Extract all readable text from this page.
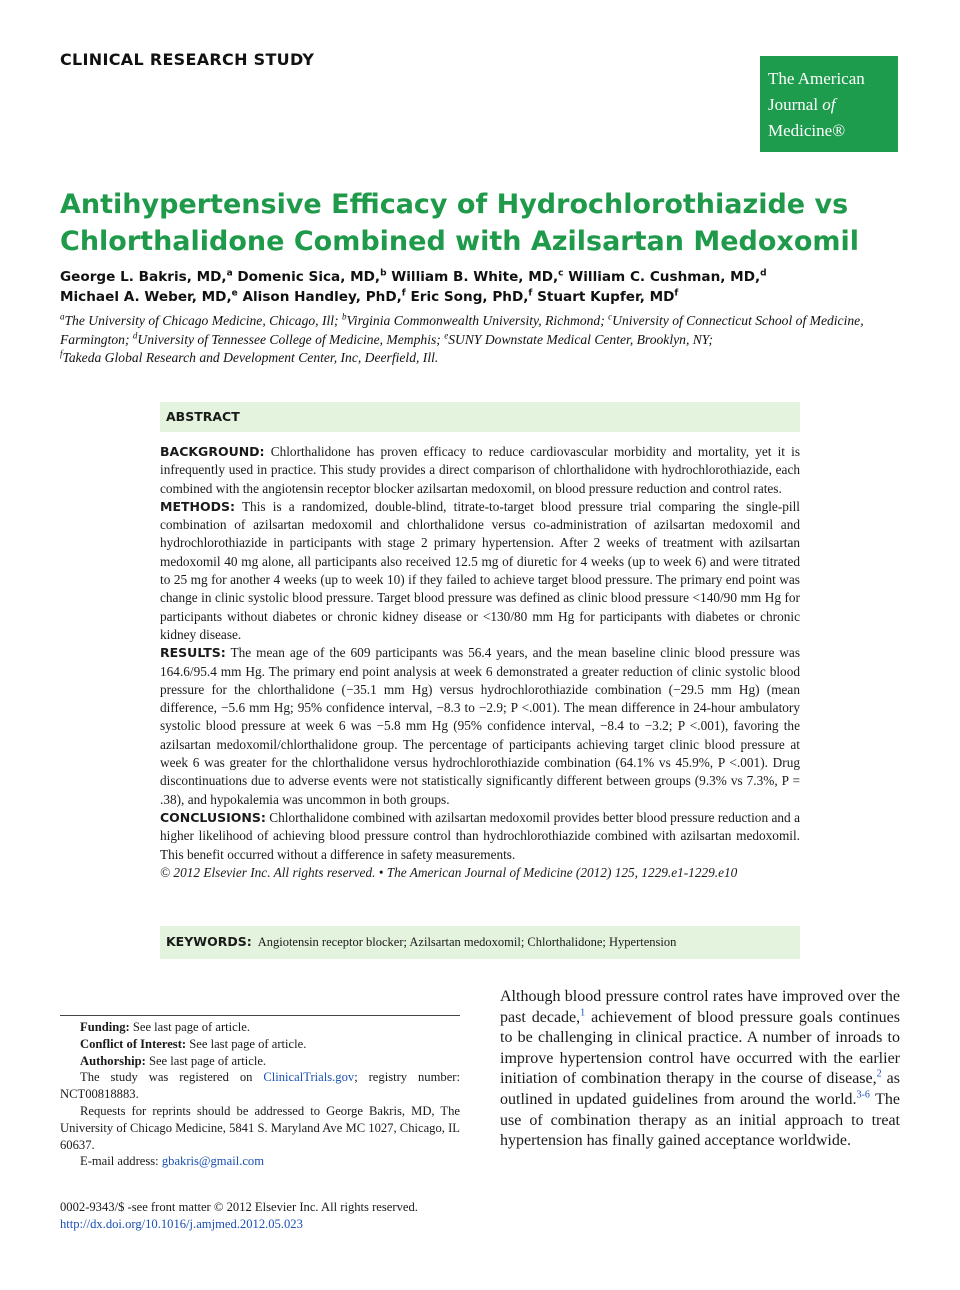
CLINICAL RESEARCH STUDY
The American
Journal of
Medicine®
Antihypertensive Efficacy of Hydrochlorothiazide vs Chlorthalidone Combined with Azilsartan Medoxomil
George L. Bakris, MD,$^a$ Domenic Sica, MD,$^b$ William B. White, MD,$^c$ William C. Cushman, MD,$^d$
Michael A. Weber, MD,$^e$ Alison Handley, PhD,$^f$ Eric Song, PhD,$^f$ Stuart Kupfer, $MD^f$
$^a$The University of Chicago Medicine, Chicago, Ill; $^b$Virginia Commonwealth University, Richmond; $^c$University of Connecticut School of Medicine, Farmington; $^d$University of Tennessee College of Medicine, Memphis; $^e$SUNY Downstate Medical Center, Brooklyn, NY;
$^f$Takeda Global Research and Development Center, Inc, Deerfield, Ill.
ABSTRACT

BACKGROUND: Chlorthalidone has proven efficacy to reduce cardiovascular morbidity and mortality, yet it is infrequently used in practice. This study provides a direct comparison of chlorthalidone with hydrochlorothiazide, each combined with the angiotensin receptor blocker azilsartan medoxomil, on blood pressure reduction and control rates.

METHODS: This is a randomized, double-blind, titrate-to-target blood pressure trial comparing the single-pill combination of azilsartan medoxomil and chlorthalidone versus co-administration of azilsartan medoxomil and hydrochlorothiazide in participants with stage 2 primary hypertension. After 2 weeks of treatment with azilsartan medoxomil 40 mg alone, all participants also received 12.5 mg of diuretic for 4 weeks (up to week 6) and were titrated to 25 mg for another 4 weeks (up to week 10) if they failed to achieve target blood pressure. The primary end point was change in clinic systolic blood pressure. Target blood pressure was defined as clinic blood pressure <140/90 mm Hg for participants without diabetes or chronic kidney disease or <130/80 mm Hg for participants with diabetes or chronic kidney disease.

RESULTS: The mean age of the 609 participants was 56.4 years, and the mean baseline clinic blood pressure was 164.6/95.4 mm Hg. The primary end point analysis at week 6 demonstrated a greater reduction of clinic systolic blood pressure for the chlorthalidone (−35.1 mm Hg) versus hydrochlorothiazide combination (−29.5 mm Hg) (mean difference, −5.6 mm Hg; 95% confidence interval, −8.3 to −2.9; P <.001). The mean difference in 24-hour ambulatory systolic blood pressure at week 6 was −5.8 mm Hg (95% confidence interval, −8.4 to −3.2; P <.001), favoring the azilsartan medoxomil/chlorthalidone group. The percentage of participants achieving target clinic blood pressure at week 6 was greater for the chlorthalidone versus hydrochlorothiazide combination (64.1% vs 45.9%, P <.001). Drug discontinuations due to adverse events were not statistically significantly different between groups (9.3% vs 7.3%, P = .38), and hypokalemia was uncommon in both groups.

CONCLUSIONS: Chlorthalidone combined with azilsartan medoxomil provides better blood pressure reduction and a higher likelihood of achieving blood pressure control than hydrochlorothiazide combined with azilsartan medoxomil. This benefit occurred without a difference in safety measurements.

© 2012 Elsevier Inc. All rights reserved. • The American Journal of Medicine (2012) 125, 1229.e1-1229.e10

KEYWORDS: Angiotensin receptor blocker; Azilsartan medoxomil; Chlorthalidone; Hypertension

Funding: See last page of article.

Conflict of Interest: See last page of article.

Authorship: See last page of article.

The study was registered on ClinicalTrials.gov; registry number: NCT00818883.

Requests for reprints should be addressed to George Bakris, MD, The University of Chicago Medicine, 5841 S. Maryland Ave MC 1027, Chicago, IL 60637.

E-mail address: gbakris@gmail.com

0002-9343/$ -see front matter © 2012 Elsevier Inc. All rights reserved.

http://dx.doi.org/10.1016/j.amjmed.2012.05.023

Although blood pressure control rates have improved over the past decade,$^1$ achievement of blood pressure goals continues to be challenging in clinical practice. A number of inroads to improve hypertension control have occurred with the earlier initiation of combination therapy in the course of disease,$^2$ as outlined in updated guidelines from around the world.$^{3-6}$ The use of combination therapy as an initial approach to treat hypertension has finally gained acceptance worldwide.
